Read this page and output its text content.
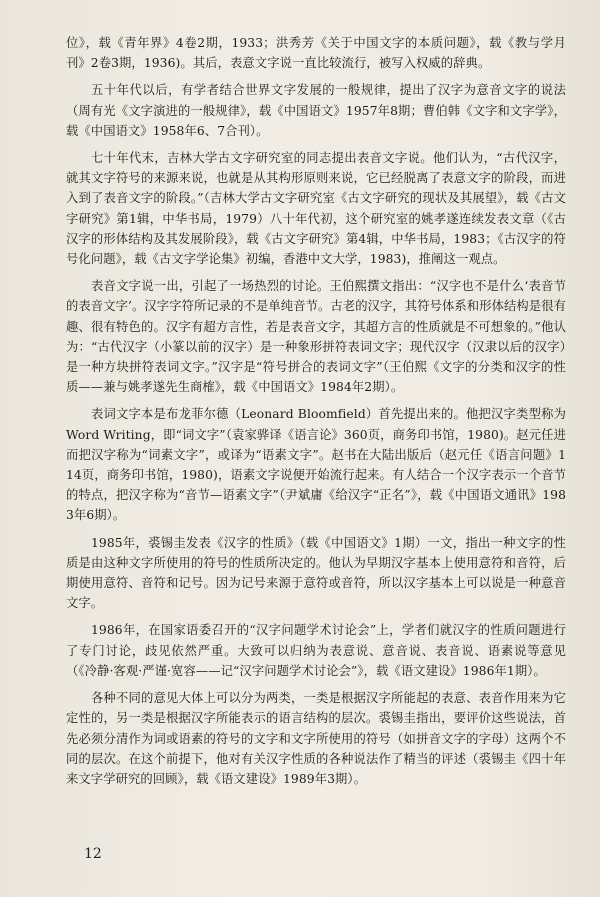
位》，载《青年界》4卷2期，1933；洪秀芳《关于中国文字的本质问题》，载《教与学月刊》2卷3期，1936)。其后，表意文字说一直比较流行，被写入权威的辞典。

五十年代以后，有学者结合世界文字发展的一般规律，提出了汉字为意音文字的说法（周有光《文字演进的一般规律》，载《中国语文》1957年8期；曹伯韩《文字和文字学》，载《中国语文》1958年6、7合刊）。

七十年代末，吉林大学古文字研究室的同志提出表音文字说。他们认为，“古代汉字，就其文字符号的来源来说，也就是从其构形原则来说，它已经脱离了表意文字的阶段，而进入到了表音文字的阶段。”（吉林大学古文字研究室《古文字研究的现状及其展望》，载《古文字研究》第1辑，中华书局，1979）八十年代初，这个研究室的姚孝遂连续发表文章（《古汉字的形体结构及其发展阶段》，载《古文字研究》第4辑，中华书局，1983；《古汉字的符号化问题》，载《古文字学论集》初编，香港中文大学，1983)，推阐这一观点。

表音文字说一出，引起了一场热烈的讨论。王伯熙撰文指出：“汉字也不是什么‘表音节的表音文字’。汉字字符所记录的不是单纯音节。古老的汉字，其符号体系和形体结构是很有趣、很有特色的。汉字有超方言性，若是表音文字，其超方言的性质就是不可想象的。”他认为：“古代汉字（小篆以前的汉字）是一种象形拼符表词文字；现代汉字（汉隶以后的汉字）是一种方块拼符表词文字。”汉字是“符号拼合的表词文字”（王伯熙《文字的分类和汉字的性质——兼与姚孝遂先生商榷》，载《中国语文》1984年2期）。

表词文字本是布龙菲尔德（Leonard Bloomfield）首先提出来的。他把汉字类型称为Word Writing，即“词文字”（袁家骅译《语言论》360页，商务印书馆，1980)。赵元任进而把汉字称为“词素文字”，或译为“语素文字”。赵书在大陆出版后（赵元任《语言问题》114页，商务印书馆，1980)，语素文字说便开始流行起来。有人结合一个汉字表示一个音节的特点，把汉字称为“音节—语素文字”（尹斌庸《给汉字“正名”》，载《中国语文通讯》1983年6期）。

1985年，裘锡圭发表《汉字的性质》（载《中国语文》1期）一文，指出一种文字的性质是由这种文字所使用的符号的性质所决定的。他认为早期汉字基本上使用意符和音符，后期使用意符、音符和记号。因为记号来源于意符或音符，所以汉字基本上可以说是一种意音文字。

1986年，在国家语委召开的“汉字问题学术讨论会”上，学者们就汉字的性质问题进行了专门讨论，歧见依然严重。大致可以归纳为表意说、意音说、表音说、语素说等意见（《冷静·客观·严谨·宽容——记“汉字问题学术讨论会”》，载《语文建设》1986年1期）。

各种不同的意见大体上可以分为两类，一类是根据汉字所能起的表意、表音作用来为它定性的，另一类是根据汉字所能表示的语言结构的层次。裘锡圭指出，要评价这些说法，首先必须分清作为词或语素的符号的文字和文字所使用的符号（如拼音文字的字母）这两个不同的层次。在这个前提下，他对有关汉字性质的各种说法作了精当的评述（裘锡圭《四十年来文字学研究的回顾》，载《语文建设》1989年3期）。

12
